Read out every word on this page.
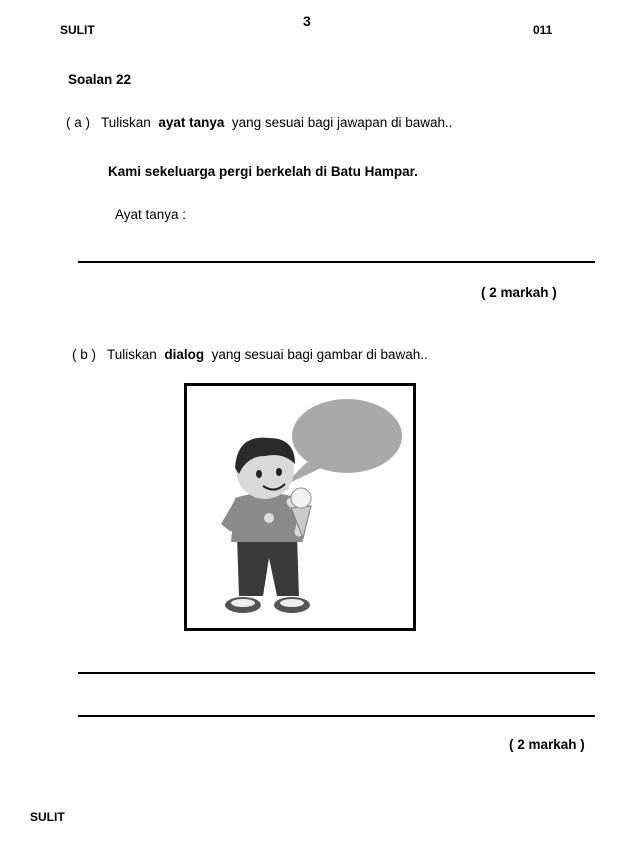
SULIT
3
011
Soalan 22
( a ) Tuliskan ayat tanya yang sesuai bagi jawapan di bawah..
Kami sekeluarga pergi berkelah di Batu Hampar.
Ayat tanya :
( 2 markah )
( b ) Tuliskan dialog yang sesuai bagi gambar di bawah..
( 2 markah )
SULIT
